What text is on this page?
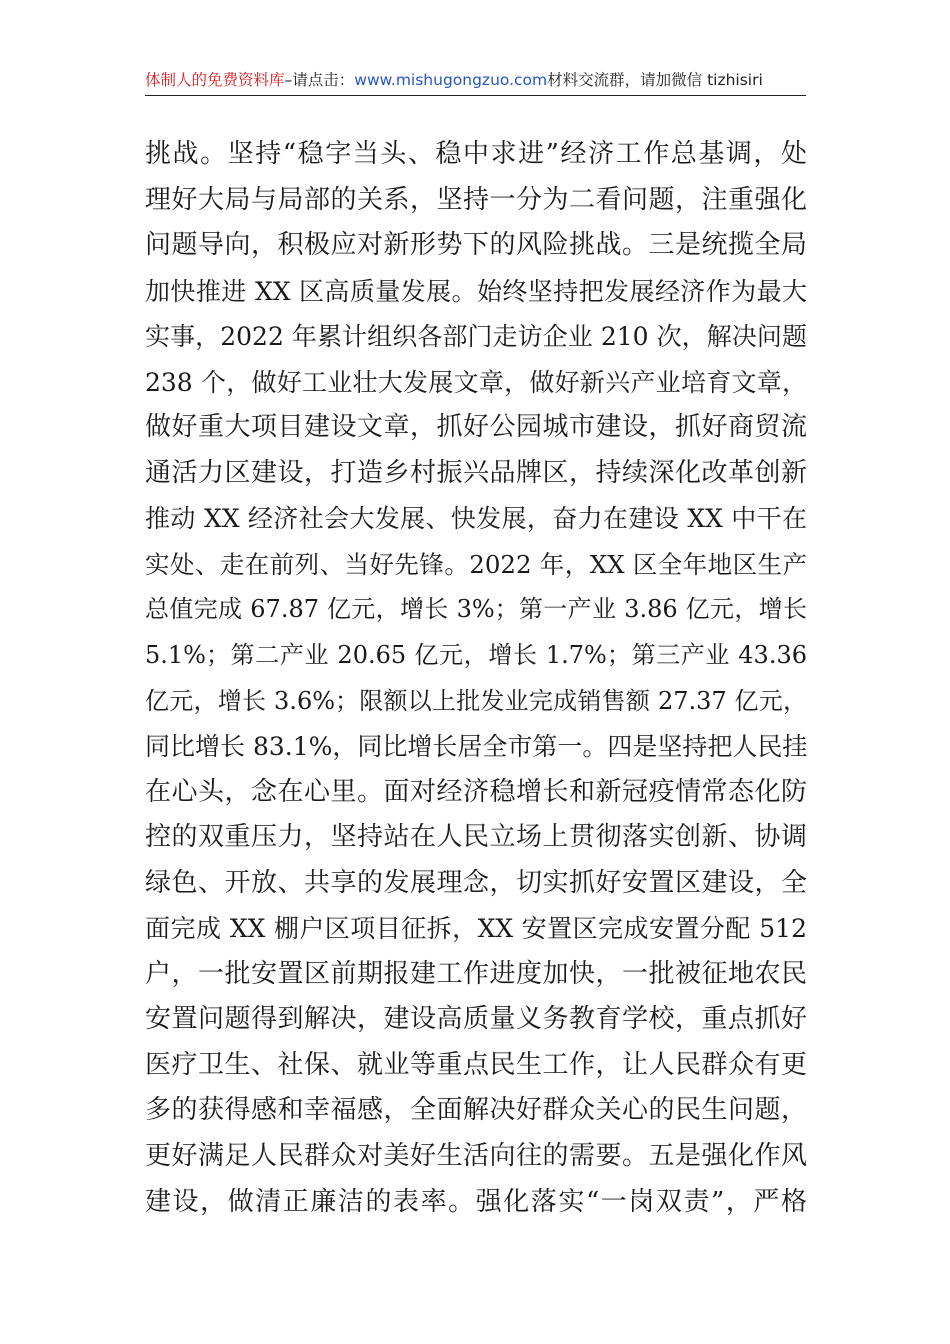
体制人的免费资料库–请点击：www.mishugongzuo.com材料交流群，请加微信 tizhisiri
挑战。坚持“稳字当头、稳中求进”经济工作总基调，处
理好大局与局部的关系，坚持一分为二看问题，注重强化
问题导向，积极应对新形势下的风险挑战。三是统揽全局
加快推进 XX 区高质量发展。始终坚持把发展经济作为最大
实事，2022 年累计组织各部门走访企业 210 次，解决问题
238 个，做好工业壮大发展文章，做好新兴产业培育文章，
做好重大项目建设文章，抓好公园城市建设，抓好商贸流
通活力区建设，打造乡村振兴品牌区，持续深化改革创新
推动 XX 经济社会大发展、快发展，奋力在建设 XX 中干在
实处、走在前列、当好先锋。2022 年，XX 区全年地区生产
总值完成 67.87 亿元，增长 3%；第一产业 3.86 亿元，增长
5.1%；第二产业 20.65 亿元，增长 1.7%；第三产业 43.36
亿元，增长 3.6%；限额以上批发业完成销售额 27.37 亿元，
同比增长 83.1%，同比增长居全市第一。四是坚持把人民挂
在心头，念在心里。面对经济稳增长和新冠疫情常态化防
控的双重压力，坚持站在人民立场上贯彻落实创新、协调
绿色、开放、共享的发展理念，切实抓好安置区建设，全
面完成 XX 棚户区项目征拆，XX 安置区完成安置分配 512
户，一批安置区前期报建工作进度加快，一批被征地农民
安置问题得到解决，建设高质量义务教育学校，重点抓好
医疗卫生、社保、就业等重点民生工作，让人民群众有更
多的获得感和幸福感，全面解决好群众关心的民生问题，
更好满足人民群众对美好生活向往的需要。五是强化作风
建设，做清正廉洁的表率。强化落实“一岗双责”，严格
